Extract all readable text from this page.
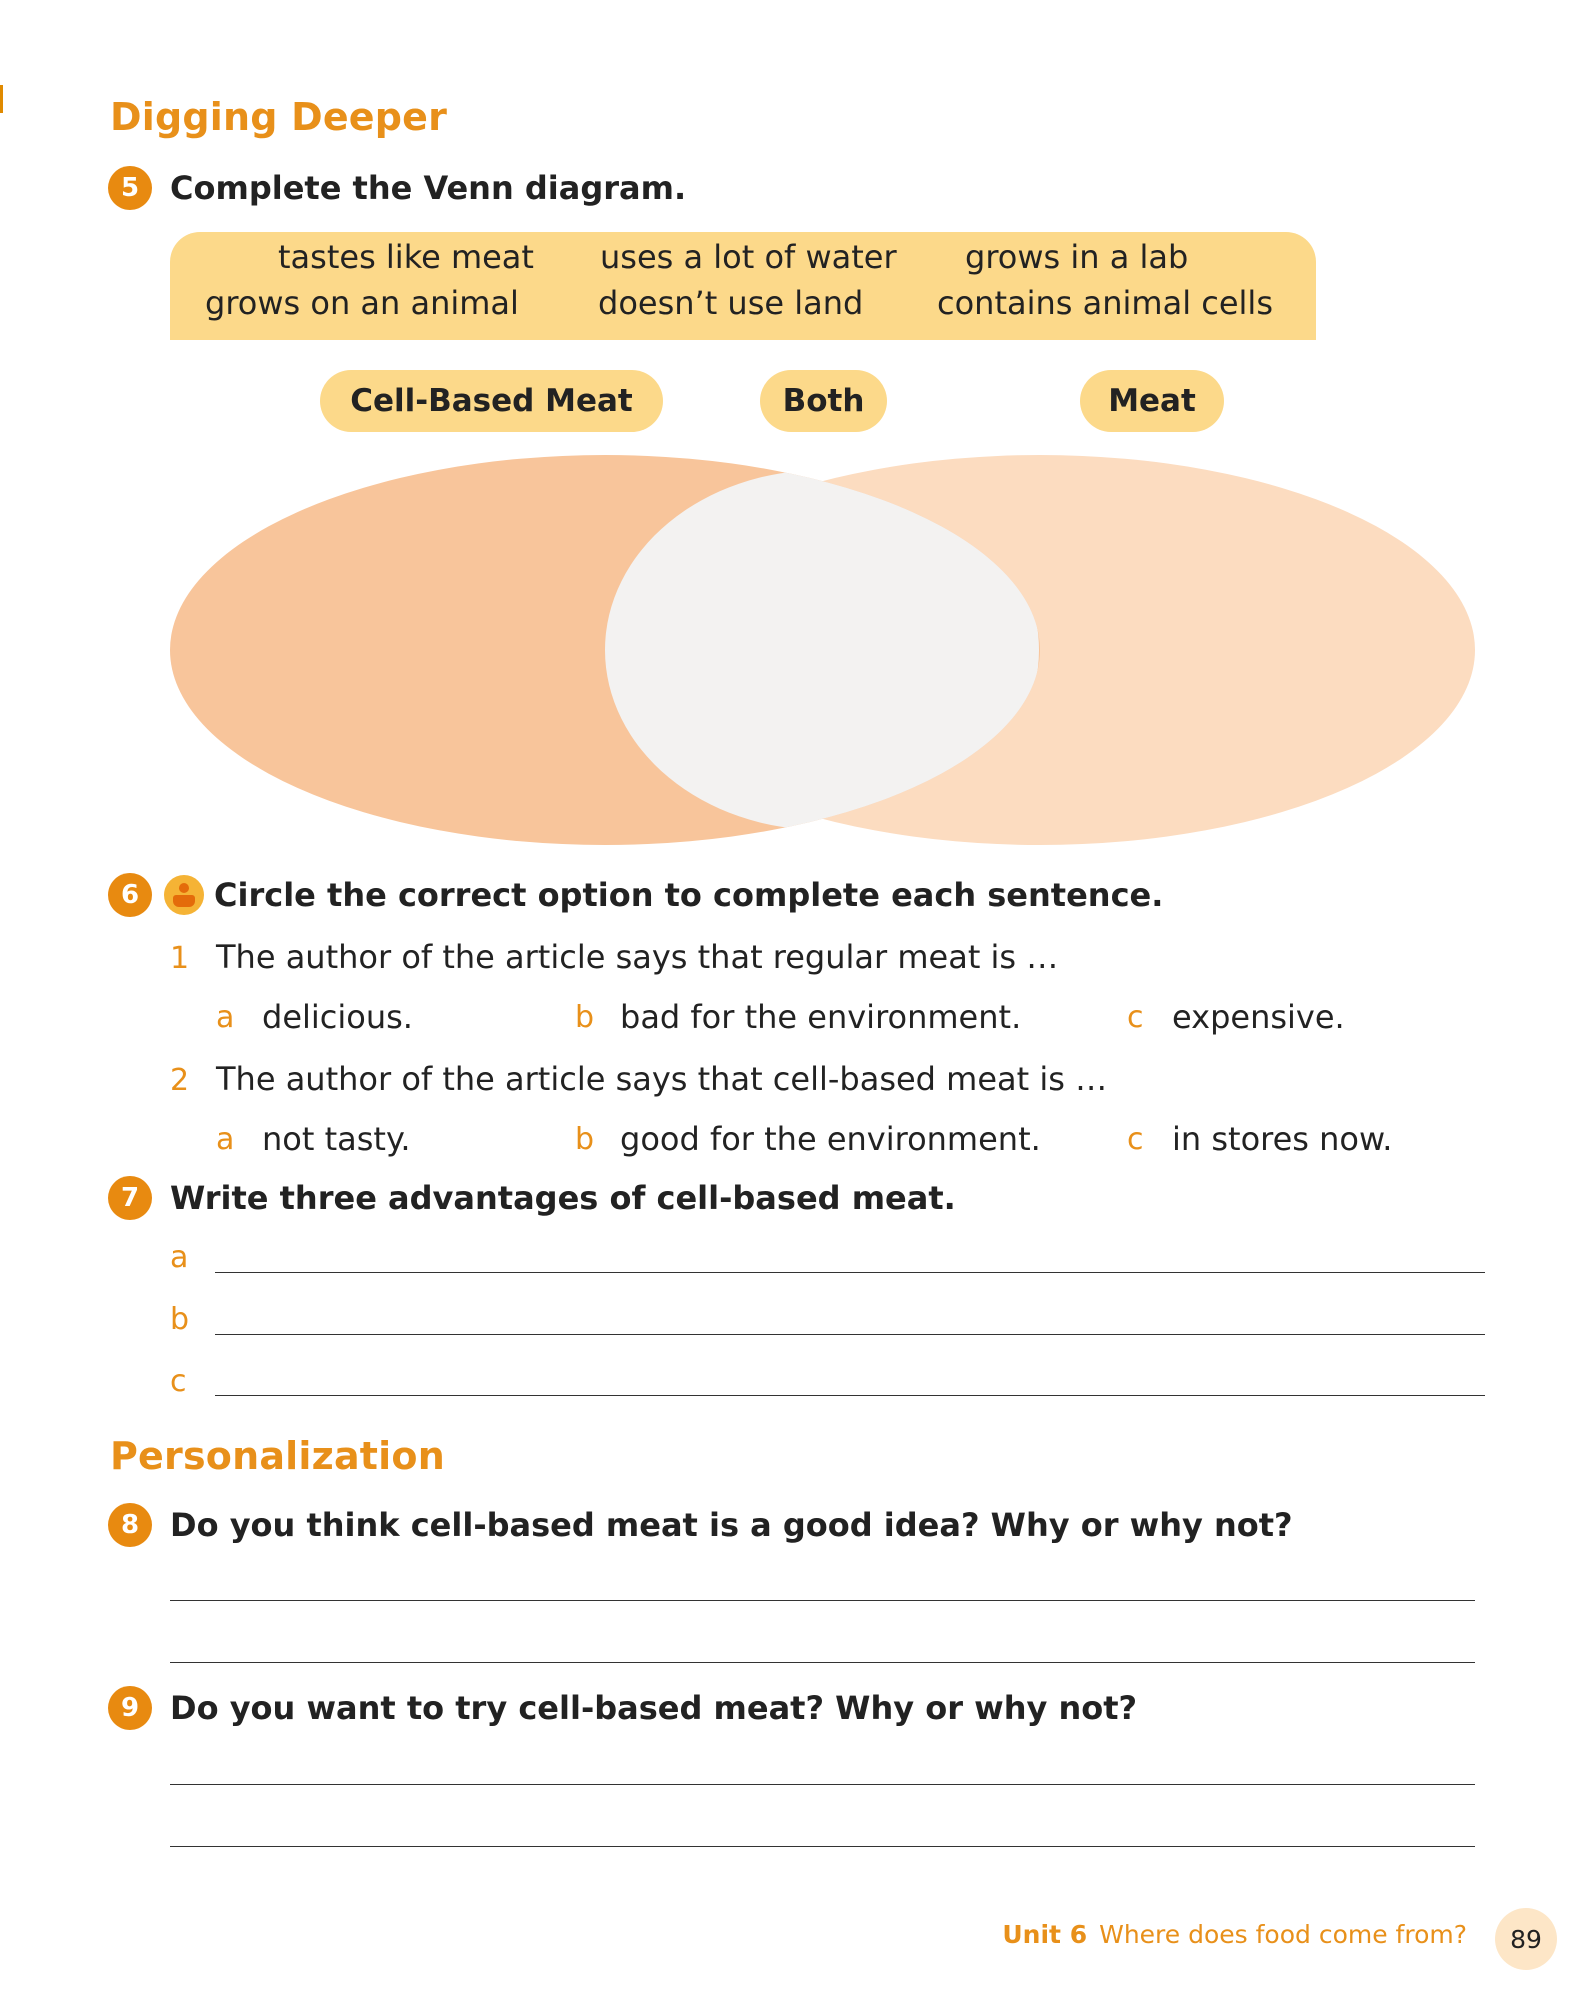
Digging Deeper
5 Complete the Venn diagram.
tastes like meat uses a lot of water grows in a lab
grows on an animal doesn’t use land contains animal cells
Cell-Based Meat	Both	Meat
6	Circle the correct option to complete each sentence.
1 The author of the article says that regular meat is …
a delicious.	b bad for the environment.	c expensive.
2 The author of the article says that cell-based meat is …
a not tasty.	b good for the environment.	c in stores now.
7 Write three advantages of cell-based meat.
a
b
c
Personalization
8 Do you think cell-based meat is a good idea? Why or why not?
9 Do you want to try cell-based meat? Why or why not?
Unit 6 Where does food come from?	89
